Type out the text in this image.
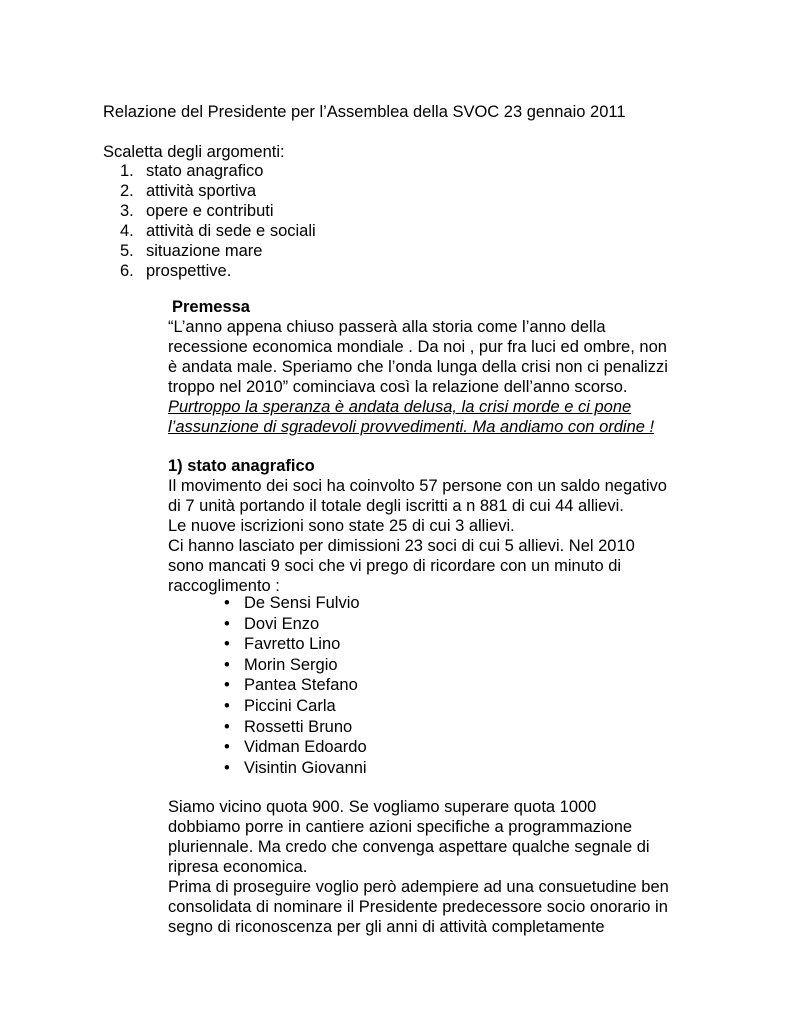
Relazione del Presidente per l’Assemblea della SVOC 23 gennaio 2011
Scaletta degli argomenti:
1. stato anagrafico
2. attività sportiva
3. opere e contributi
4. attività di sede e sociali
5. situazione mare
6. prospettive.
Premessa
“L’anno appena chiuso passerà alla storia come l’anno della
recessione economica mondiale . Da noi , pur fra luci ed ombre, non
è andata male. Speriamo che l’onda lunga della crisi non ci penalizzi
troppo nel 2010” cominciava così la relazione dell’anno scorso.
Purtroppo la speranza è andata delusa, la crisi morde e ci pone
l’assunzione di sgradevoli provvedimenti. Ma andiamo con ordine !
1) stato anagrafico
Il movimento dei soci ha coinvolto 57 persone con un saldo negativo
di 7 unità portando il totale degli iscritti a n 881 di cui 44 allievi.
Le nuove iscrizioni sono state 25 di cui 3 allievi.
Ci hanno lasciato per dimissioni 23 soci di cui 5 allievi. Nel 2010
sono mancati 9 soci che vi prego di ricordare con un minuto di
raccoglimento :
• De Sensi Fulvio
• Dovi Enzo
• Favretto Lino
• Morin Sergio
• Pantea Stefano
• Piccini Carla
• Rossetti Bruno
• Vidman Edoardo
• Visintin Giovanni
Siamo vicino quota 900. Se vogliamo superare quota 1000
dobbiamo porre in cantiere azioni specifiche a programmazione
pluriennale. Ma credo che convenga aspettare qualche segnale di
ripresa economica.
Prima di proseguire voglio però adempiere ad una consuetudine ben
consolidata di nominare il Presidente predecessore socio onorario in
segno di riconoscenza per gli anni di attività completamente
